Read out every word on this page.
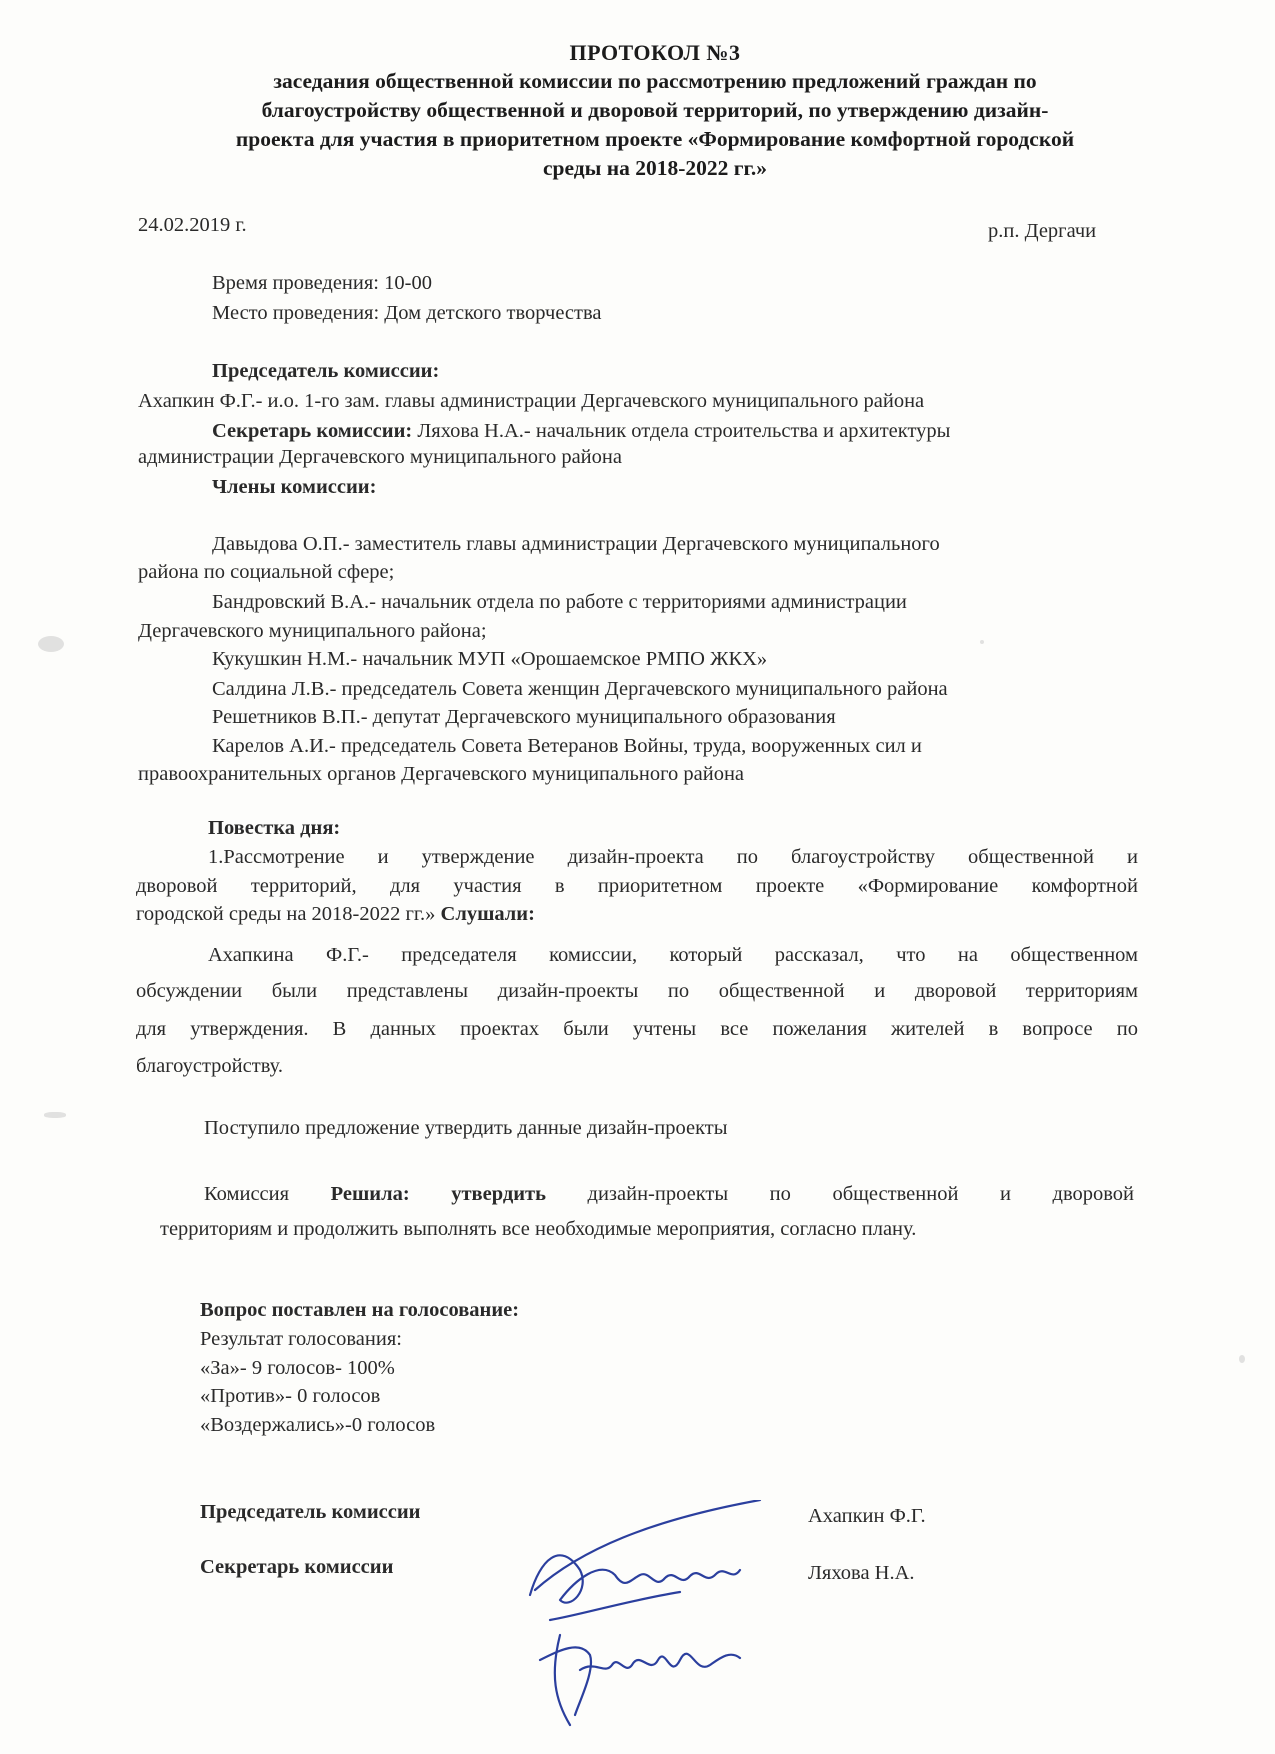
ПРОТОКОЛ №3
заседания общественной комиссии по рассмотрению предложений граждан по
благоустройству общественной и дворовой территорий, по утверждению дизайн-
проекта для участия в приоритетном проекте «Формирование комфортной городской
среды на 2018-2022 гг.»
24.02.2019 г.	р.п. Дергачи
Время проведения: 10-00
Место проведения: Дом детского творчества
Председатель комиссии:
Ахапкин Ф.Г.- и.о. 1-го зам. главы администрации Дергачевского муниципального района
Секретарь комиссии: Ляхова Н.А.- начальник отдела строительства и архитектуры
администрации Дергачевского муниципального района
Члены комиссии:
Давыдова О.П.- заместитель главы администрации Дергачевского муниципального
района по социальной сфере;
Бандровский В.А.- начальник отдела по работе с территориями администрации
Дергачевского муниципального района;
Кукушкин Н.М.- начальник МУП «Орошаемское РМПО ЖКХ»
Салдина Л.В.- председатель Совета женщин Дергачевского муниципального района
Решетников В.П.- депутат Дергачевского муниципального образования
Карелов А.И.- председатель Совета Ветеранов Войны, труда, вооруженных сил и
правоохранительных органов Дергачевского муниципального района
Повестка дня:
1.Рассмотрение и утверждение дизайн-проекта по благоустройству общественной и
дворовой территорий, для участия в приоритетном проекте «Формирование комфортной
городской среды на 2018-2022 гг.» Слушали:
Ахапкина Ф.Г.- председателя комиссии, который рассказал, что на общественном
обсуждении были представлены дизайн-проекты по общественной и дворовой территориям
для утверждения. В данных проектах были учтены все пожелания жителей в вопросе по
благоустройству.
Поступило предложение утвердить данные дизайн-проекты
Комиссия Решила: утвердить дизайн-проекты по общественной и дворовой
территориям и продолжить выполнять все необходимые мероприятия, согласно плану.
Вопрос поставлен на голосование:
Результат голосования:
«За»- 9 голосов- 100%
«Против»- 0 голосов
«Воздержались»-0 голосов
Председатель комиссии	Ахапкин Ф.Г.
Секретарь комиссии	Ляхова Н.А.
